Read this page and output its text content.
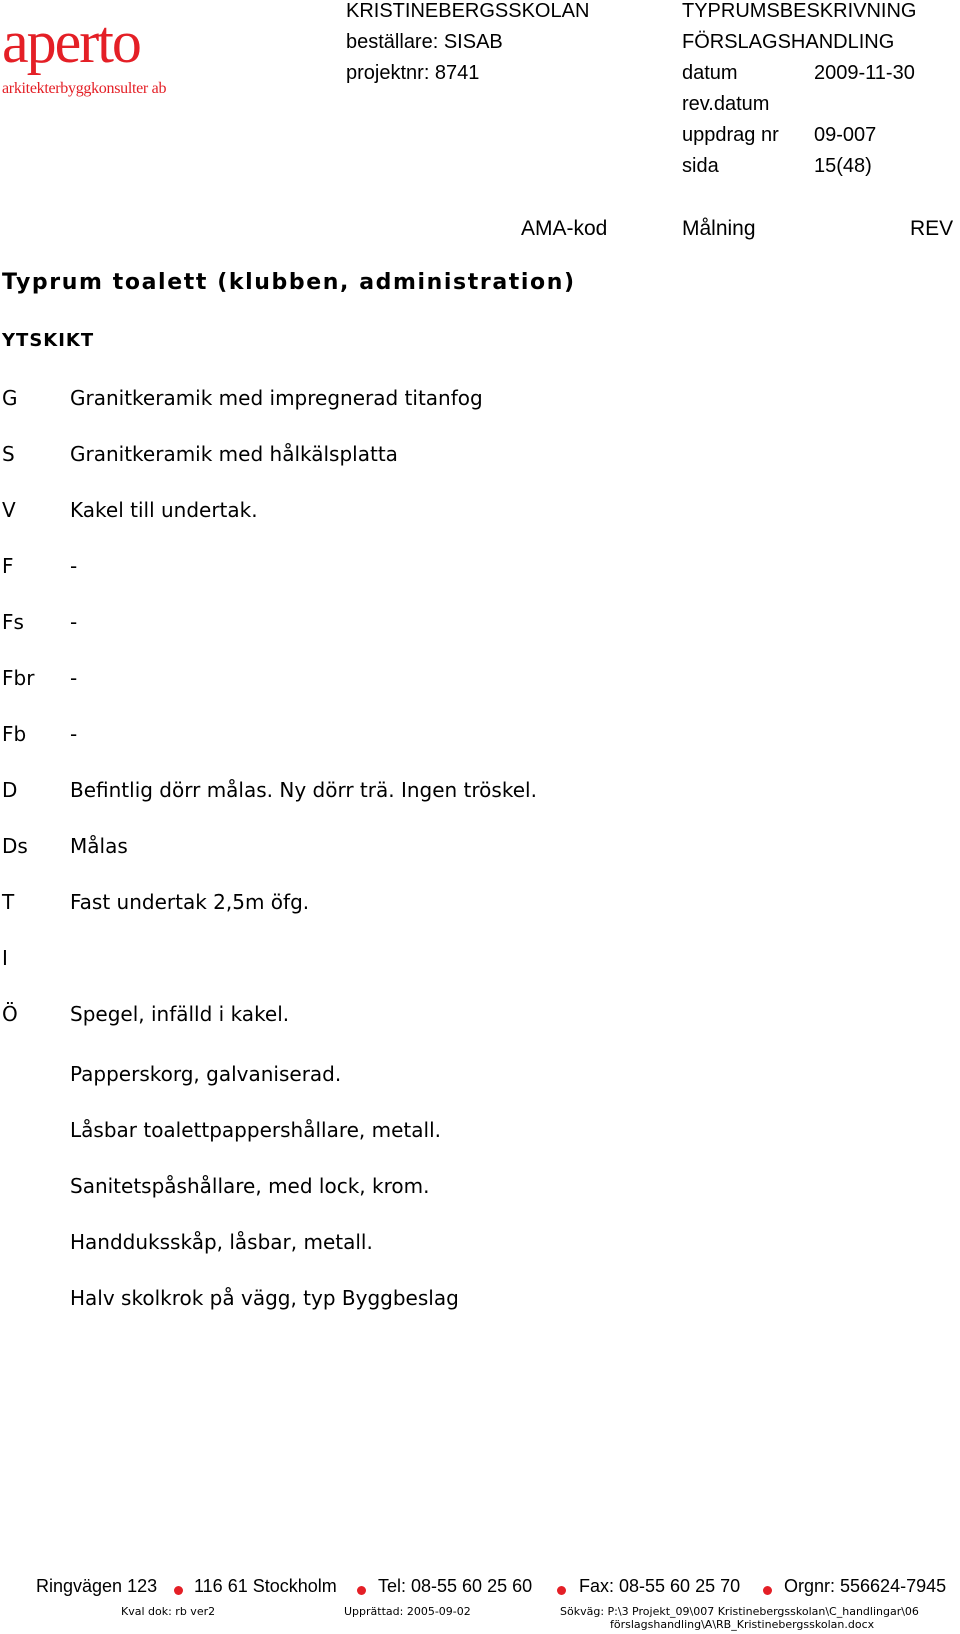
aperto
arkitekterbyggkonsulter ab
KRISTINEBERGSSKOLAN
beställare: SISAB
projektnr: 8741
TYPRUMSBESKRIVNING
FÖRSLAGSHANDLING
datum	2009-11-30
rev.datum
uppdrag nr 09-007
sida	15(48)
AMA-kod	Målning	REV
Typrum toalett (klubben, administration)
YTSKIKT
G	Granitkeramik med impregnerad titanfog
S	Granitkeramik med hålkälsplatta
V	Kakel till undertak.
F	-
Fs -
Fbr -
Fb -
D	Befintlig dörr målas. Ny dörr trä. Ingen tröskel.
Ds Målas
T	Fast undertak 2,5m öfg.
I
Ö	Spegel, infälld i kakel.
Papperskorg, galvaniserad.
Låsbar toalettpappershållare, metall.
Sanitetspåshållare, med lock, krom.
Handduksskåp, låsbar, metall.
Halv skolkrok på vägg, typ Byggbeslag
Ringvägen 123 116 61 Stockholm Tel: 08-55 60 25 60	Fax: 08-55 60 25 70 Orgnr: 556624-7945
Kval dok: rb ver2	Upprättad: 2005-09-02	Sökväg: P:\3 Projekt_09\007 Kristinebergsskolan\C_handlingar\06
förslagshandling\A\RB_Kristinebergsskolan.docx
